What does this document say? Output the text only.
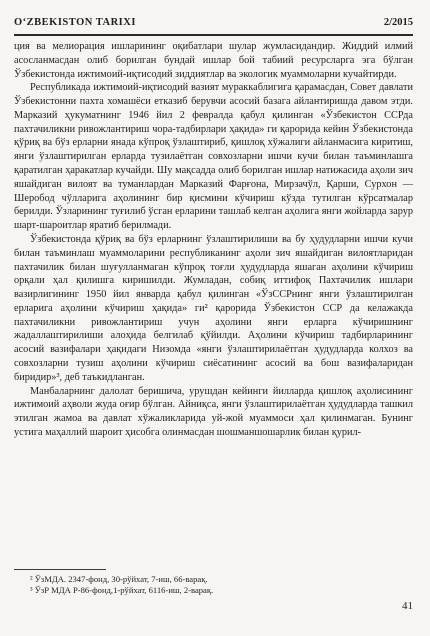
O‘ZBEKISTON TARIXI	2/2015

ция ва мелиорация ишларининг оқибатлари шулар жумласидандир. Жиддий илмий асосланмасдан олиб борилган бундай ишлар бой табиий ресурсларга эга бўлган Ўзбекистонда ижтимоий-иқтисодий зиддиятлар ва экологик муаммоларни кучайтирди.

Республикада ижтимоий-иқтисодий вазият мураккаблигига қарамасдан, Совет давлати Ўзбекистонни пахта хомашёси етказиб берувчи асосий базага айлантиришда давом этди. Марказий ҳукуматнинг 1946 йил 2 февралда қабул қилинган «Ўзбекистон ССРда пахтачиликни ривожлантириш чора-тадбирлари ҳақида» ги қарорида кейин Ўзбекистонда қўриқ ва бўз ерларни янада кўпроқ ўзлаштириб, қишлоқ хўжалиги айланмасига киритиш, янги ўзлаштирилган ерларда тузилаётган совхозларни ишчи кучи билан таъминлашга қаратилган ҳаракатлар кучайди. Шу мақсадда олиб борилган ишлар натижасида аҳоли зич яшайдиган вилоят ва туманлардан Марказий Фарғона, Мирзачўл, Қарши, Сурхон — Шеробод чўлларига аҳолининг бир қисмини кўчириш кўзда тутилган кўрсатмалар берилди. Ўзларининг туғилиб ўсган ерларини ташлаб келган аҳолига янги жойларда зарур шарт-шароитлар яратиб берилмади.

Ўзбекистонда қўриқ ва бўз ерларнинг ўзлаштирилиши ва бу ҳудудларни ишчи кучи билан таъминлаш муаммоларини республиканинг аҳоли зич яшайдиган вилоятларидан пахтачилик билан шуғулланмаган кўпроқ тоғли ҳудудларда яшаган аҳолини кўчириш орқали ҳал қилишга киришилди. Жумладан, собиқ иттифоқ Пахтачилик ишлари вазирлигининг 1950 йил январда қабул қилинган «ЎзССРнинг янги ўзлаштирилган ерларига аҳолини кўчириш ҳақида» ги² қарорида Ўзбекистон ССР да келажакда пахтачиликни ривожлантириш учун аҳолини янги ерларга кўчиришнинг жадаллаштирилиши алоҳида белгилаб қўйилди. Аҳолини кўчириш тадбирларининг асосий вазифалари ҳақидаги Низомда «янги ўзлаштирилаётган ҳудудларда колхоз ва совхозларни тузиш аҳолини кўчириш сиёсатининг асосий ва бош вазифаларидан биридир»³, деб таъкидланган.

Манбаларнинг далолат беришича, урушдан кейинги йилларда қишлоқ аҳолисининг ижтимоий аҳволи жуда оғир бўлган. Айниқса, янги ўзлаштирилаётган ҳудудларда ташкил этилган жамоа ва давлат хўжаликларида уй-жой муаммоси ҳал қилинмаган. Бунинг устига маҳаллий шароит ҳисобга олинмасдан шошманшошарлик билан қурил-

² ЎзМДА. 2347-фонд, 30-рўйхат, 7-иш, 66-варақ.
³ ЎзР МДА Р-86-фонд,1-рўйхат, 6116-иш, 2-варақ.
41
